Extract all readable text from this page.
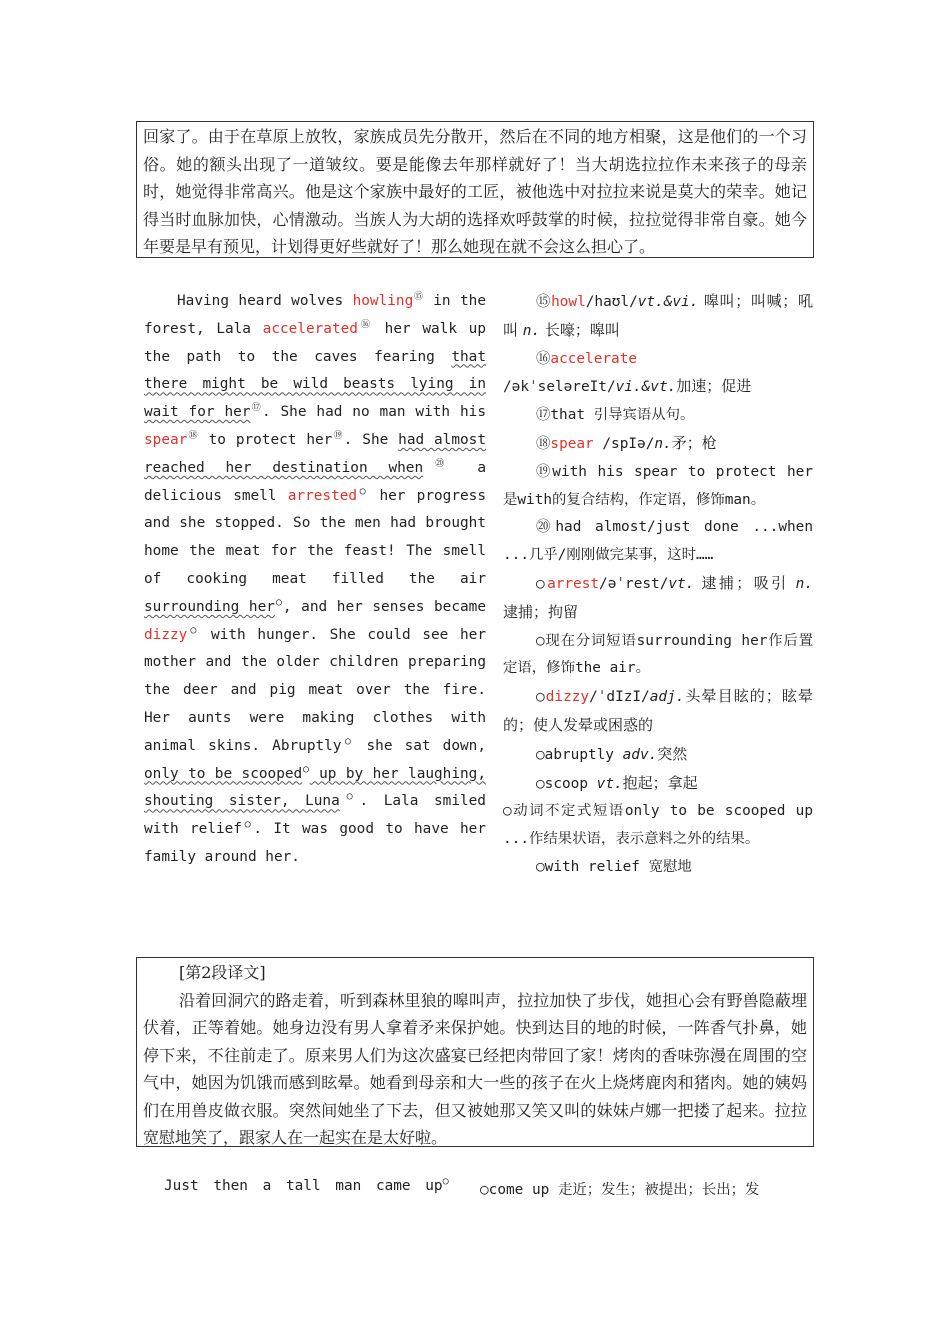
回家了。由于在草原上放牧，家族成员先分散开，然后在不同的地方相聚，这是他们的一个习俗。她的额头出现了一道皱纹。要是能像去年那样就好了！当大胡选拉拉作未来孩子的母亲时，她觉得非常高兴。他是这个家族中最好的工匠，被他选中对拉拉来说是莫大的荣幸。她记得当时血脉加快，心情激动。当族人为大胡的选择欢呼鼓掌的时候，拉拉觉得非常自豪。她今年要是早有预见，计划得更好些就好了！那么她现在就不会这么担心了。

Having heard wolves howling⑮ in the forest, Lala accelerated⑯ her walk up the path to the caves fearing that there might be wild beasts lying in wait for her⑰. She had no man with his spear⑱ to protect her⑲. She had almost reached her destination when⑳ a delicious smell arrested○ her progress and she stopped. So the men had brought home the meat for the feast! The smell of cooking meat filled the air surrounding her○, and her senses became dizzy○ with hunger. She could see her mother and the older children preparing the deer and pig meat over the fire. Her aunts were making clothes with animal skins. Abruptly○ she sat down, only to be scooped○ up by her laughing, shouting sister, Luna○. Lala smiled with relief○. It was good to have her family around her.

⑮howl/haʊl/vt.&vi. 嗥叫；叫喊；吼叫 n. 长嚎；嗥叫

⑯accelerate

/əkˈseləreIt/vi.&vt.加速；促进

⑰that 引导宾语从句。

⑱spear /spIə/n.矛；枪

⑲with his spear to protect her是with的复合结构，作定语，修饰man。

⑳had almost/just done ...when ...几乎/刚刚做完某事，这时……

○arrest/əˈrest/vt. 逮捕；吸引 n. 逮捕；拘留

○现在分词短语surrounding her作后置定语，修饰the air。

○dizzy/ˈdIzI/adj.头晕目眩的；眩晕的；使人发晕或困惑的

○abruptly adv.突然

○scoop vt.抱起；拿起

○动词不定式短语only to be scooped up ...作结果状语，表示意料之外的结果。

○with relief 宽慰地

[第2段译文]

沿着回洞穴的路走着，听到森林里狼的嗥叫声，拉拉加快了步伐，她担心会有野兽隐蔽埋伏着，正等着她。她身边没有男人拿着矛来保护她。快到达目的地的时候，一阵香气扑鼻，她停下来，不往前走了。原来男人们为这次盛宴已经把肉带回了家！烤肉的香味弥漫在周围的空气中，她因为饥饿而感到眩晕。她看到母亲和大一些的孩子在火上烧烤鹿肉和猪肉。她的姨妈们在用兽皮做衣服。突然间她坐了下去，但又被她那又笑又叫的妹妹卢娜一把搂了起来。拉拉宽慰地笑了，跟家人在一起实在是太好啦。

Just then a tall man came up○
○come up 走近；发生；被提出；长出；发
